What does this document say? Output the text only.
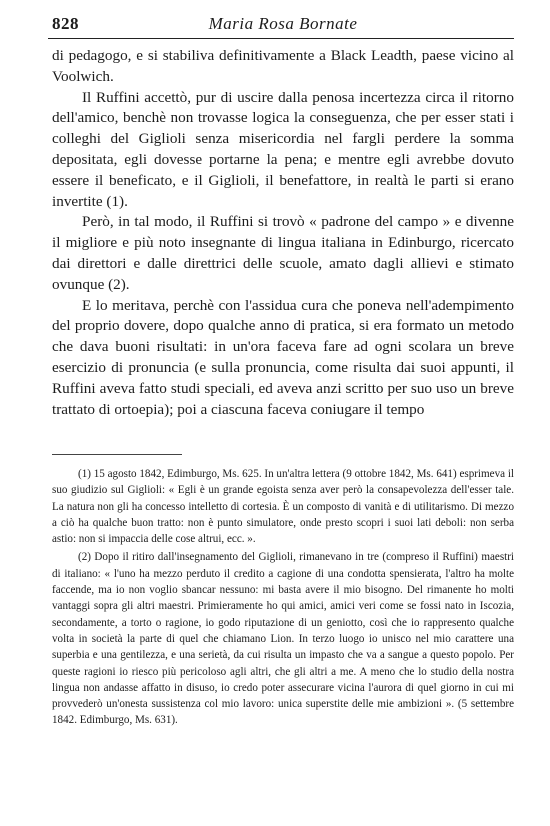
828	Maria Rosa Bornate

di pedagogo, e si stabiliva definitivamente a Black Leadth, paese vicino al Voolwich.

Il Ruffini accettò, pur di uscire dalla penosa incertezza circa il ritorno dell'amico, benchè non trovasse logica la conseguenza, che per esser stati i colleghi del Giglioli senza misericordia nel fargli perdere la somma depositata, egli dovesse portarne la pena; e mentre egli avrebbe dovuto essere il beneficato, e il Giglioli, il benefattore, in realtà le parti si erano invertite (1).

Però, in tal modo, il Ruffini si trovò « padrone del campo » e divenne il migliore e più noto insegnante di lingua italiana in Edinburgo, ricercato dai direttori e dalle direttrici delle scuole, amato dagli allievi e stimato ovunque (2).

E lo meritava, perchè con l'assidua cura che poneva nell'adempimento del proprio dovere, dopo qualche anno di pratica, si era formato un metodo che dava buoni risultati: in un'ora faceva fare ad ogni scolara un breve esercizio di pronuncia (e sulla pronuncia, come risulta dai suoi appunti, il Ruffini aveva fatto studi speciali, ed aveva anzi scritto per suo uso un breve trattato di ortoepia); poi a ciascuna faceva coniugare il tempo

(1) 15 agosto 1842, Edimburgo, Ms. 625. In un'altra lettera (9 ottobre 1842, Ms. 641) esprimeva il suo giudizio sul Giglioli: « Egli è un grande egoista senza aver però la consapevolezza dell'esser tale. La natura non gli ha concesso intelletto di cortesia. È un composto di vanità e di utilitarismo. Di mezzo a ciò ha qualche buon tratto: non è punto simulatore, onde presto scopri i suoi lati deboli: non serba astio: non si impaccia delle cose altrui, ecc. ».

(2) Dopo il ritiro dall'insegnamento del Giglioli, rimanevano in tre (compreso il Ruffini) maestri di italiano: « l'uno ha mezzo perduto il credito a cagione di una condotta spensierata, l'altro ha molte faccende, ma io non voglio sbancar nessuno: mi basta avere il mio bisogno. Del rimanente ho molti vantaggi sopra gli altri maestri. Primieramente ho qui amici, amici veri come se fossi nato in Iscozia, secondamente, a torto o ragione, io godo riputazione di un geniotto, così che io rappresento qualche volta in società la parte di quel che chiamano Lion. In terzo luogo io unisco nel mio carattere una superbia e una gentilezza, e una serietà, da cui risulta un impasto che va a sangue a questo popolo. Per queste ragioni io riesco più pericoloso agli altri, che gli altri a me. A meno che lo studio della nostra lingua non andasse affatto in disuso, io credo poter assecurare vicina l'aurora di quel giorno in cui mi provvederò un'onesta sussistenza col mio lavoro: unica superstite delle mie ambizioni ». (5 settembre 1842. Edimburgo, Ms. 631).
